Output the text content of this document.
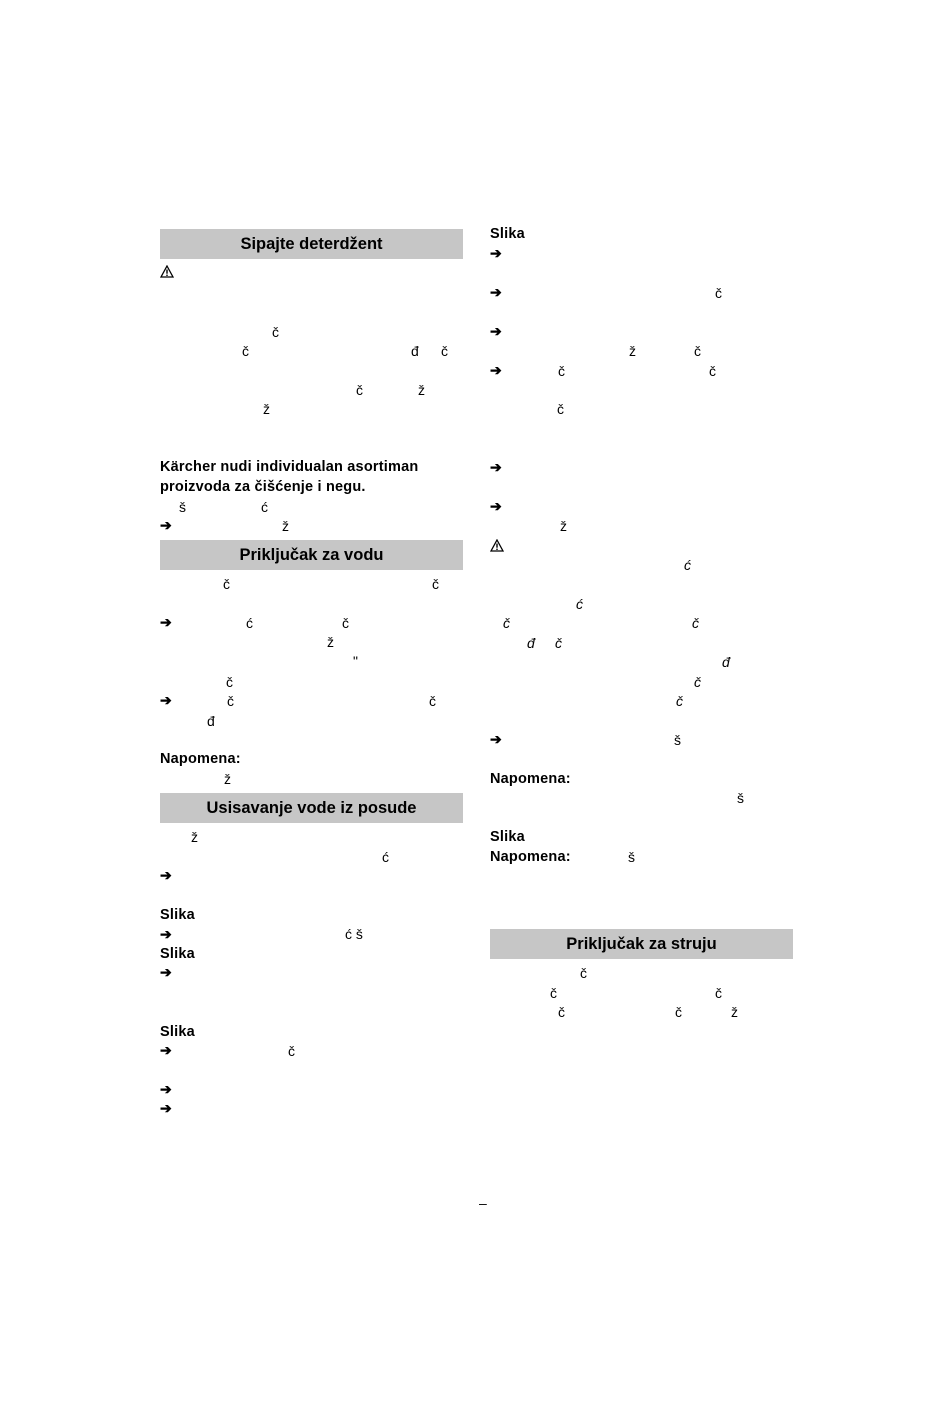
Sipajte deterdžent
č
č	đ č
č	ž
ž
Kärcher nudi individualan asortiman
proizvoda za čišćenje i negu.
š	ć
➔	ž
Priključak za vodu
č	č
➔	ć	č
ž
"
č
➔	č	č
đ
Napomena:
ž
Usisavanje vode iz posude
ž
ć
➔
Slika
➔	ć š
Slika
➔
Slika
➔	č
➔
➔
Slika
➔
➔	č
➔
ž	č
➔	č	č
č
➔
➔
ž
ć
ć
č	č
đ č
đ
č
č
➔	š
Napomena:
š
Slika
Napomena:	š
Priključak za struju
č
č	č
č	č	ž
–
